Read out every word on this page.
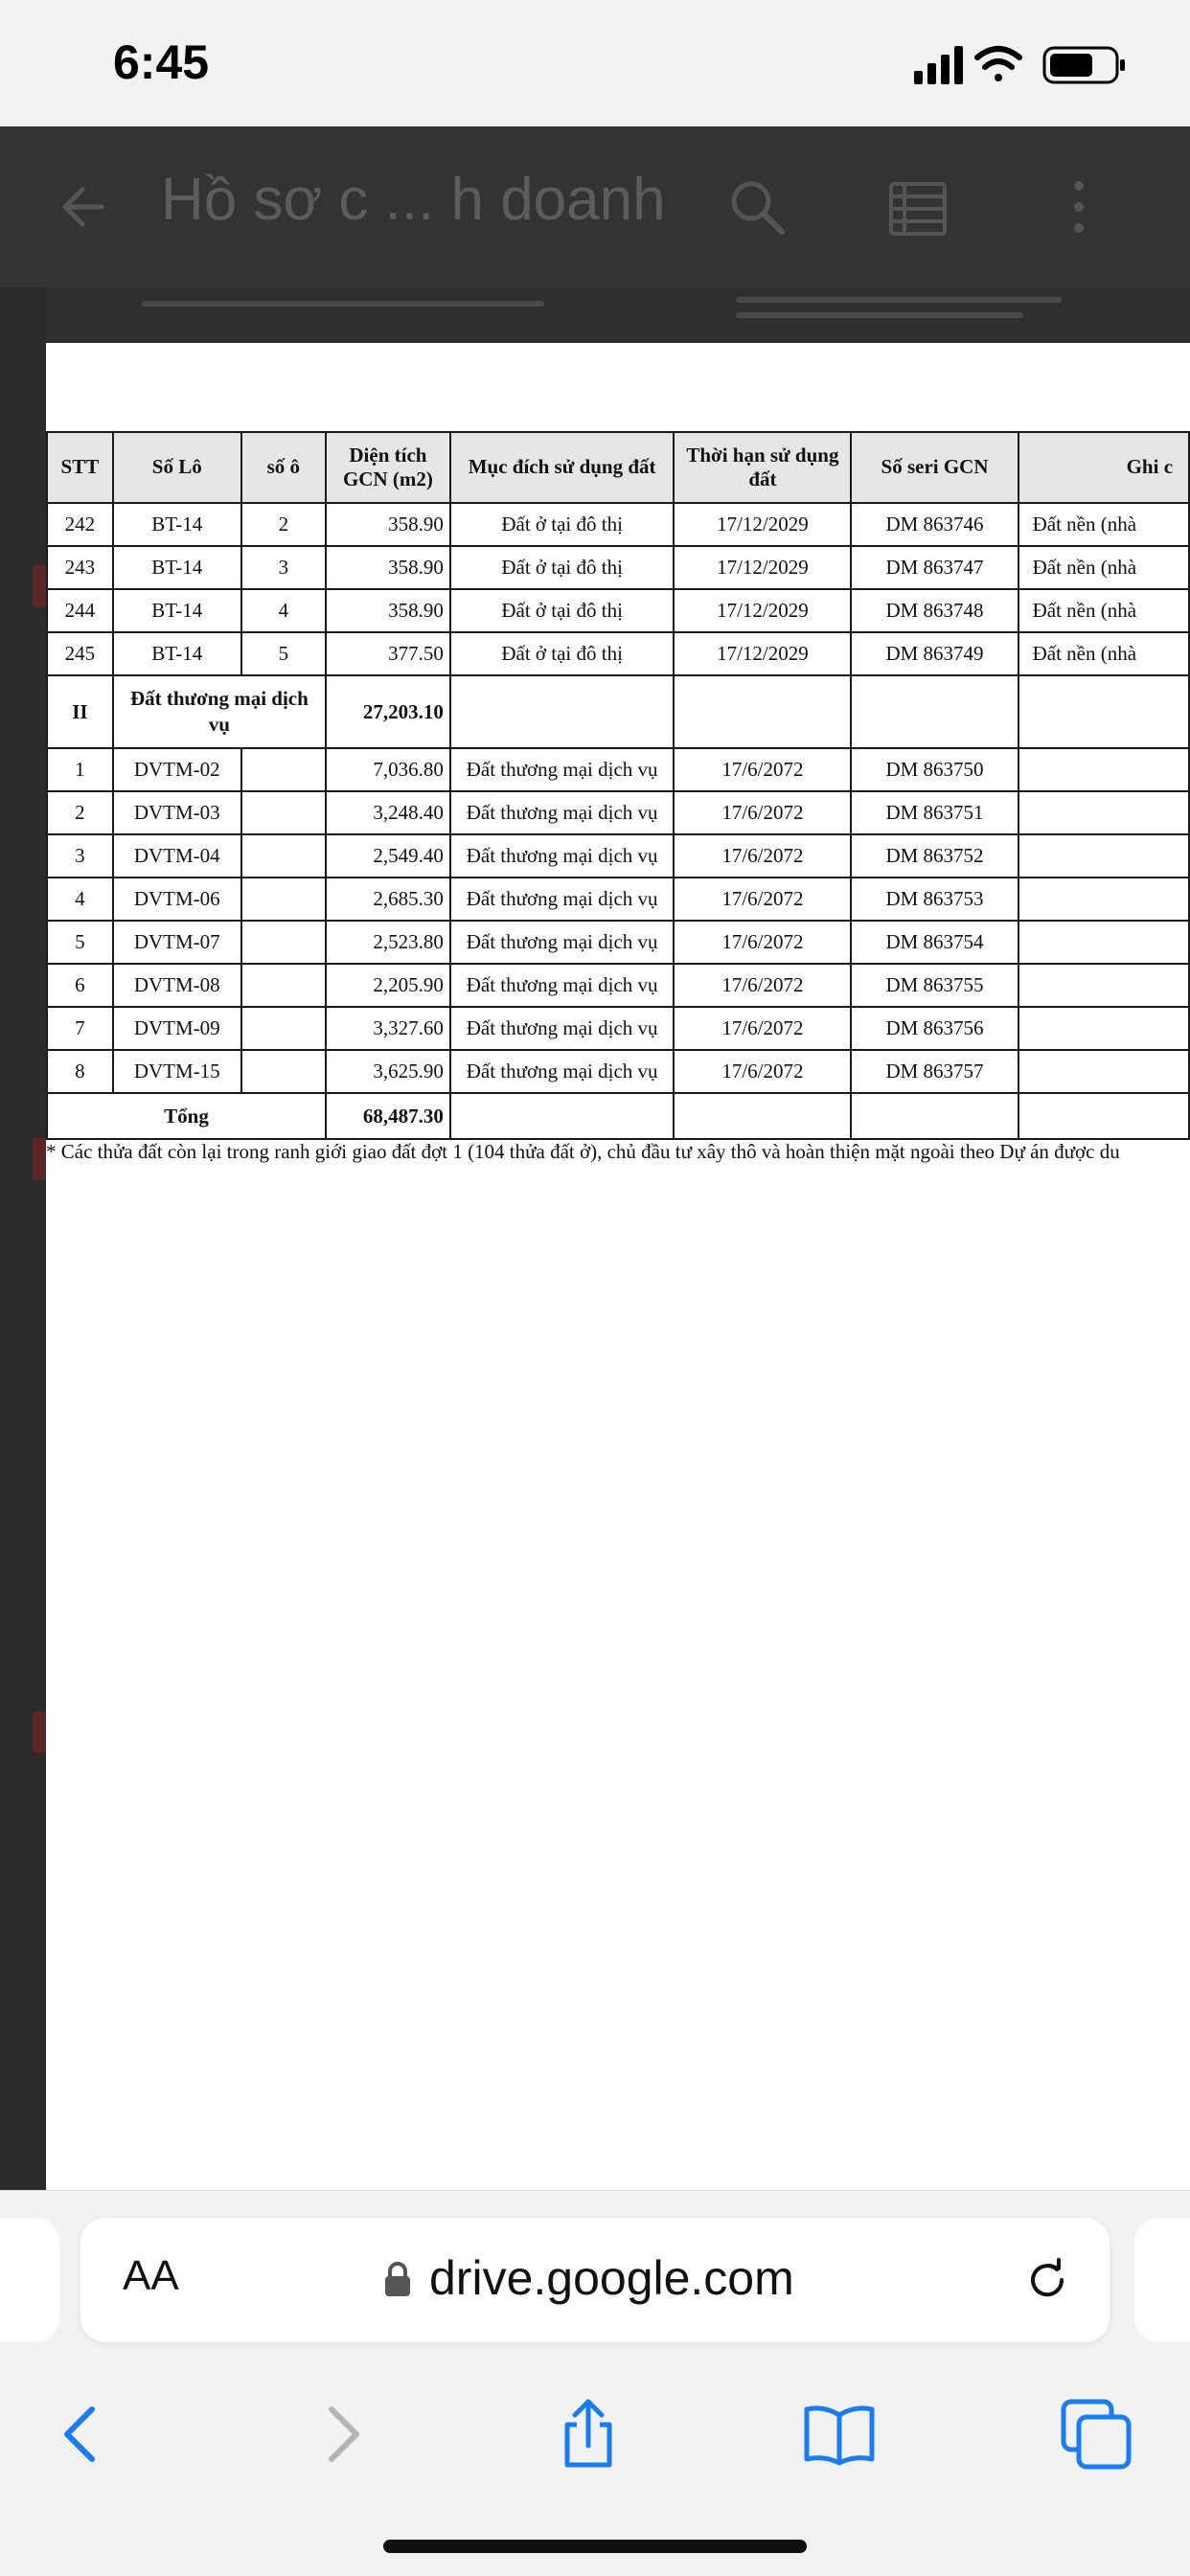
6:45
Hồ sơ c ... h doanh
STT	Số Lô	số ô	Diện tích GCN (m2)	Mục đích sử dụng đất	Thời hạn sử dụng đất	Số seri GCN	Ghi c
242	BT-14	2	358.90	Đất ở tại đô thị	17/12/2029	DM 863746	Đất nền (nhà
243	BT-14	3	358.90	Đất ở tại đô thị	17/12/2029	DM 863747	Đất nền (nhà
244	BT-14	4	358.90	Đất ở tại đô thị	17/12/2029	DM 863748	Đất nền (nhà
245	BT-14	5	377.50	Đất ở tại đô thị	17/12/2029	DM 863749	Đất nền (nhà
II	Đất thương mại dịch vụ		27,203.10				
1	DVTM-02		7,036.80	Đất thương mại dịch vụ	17/6/2072	DM 863750	
2	DVTM-03		3,248.40	Đất thương mại dịch vụ	17/6/2072	DM 863751	
3	DVTM-04		2,549.40	Đất thương mại dịch vụ	17/6/2072	DM 863752	
4	DVTM-06		2,685.30	Đất thương mại dịch vụ	17/6/2072	DM 863753	
5	DVTM-07		2,523.80	Đất thương mại dịch vụ	17/6/2072	DM 863754	
6	DVTM-08		2,205.90	Đất thương mại dịch vụ	17/6/2072	DM 863755	
7	DVTM-09		3,327.60	Đất thương mại dịch vụ	17/6/2072	DM 863756	
8	DVTM-15		3,625.90	Đất thương mại dịch vụ	17/6/2072	DM 863757	
Tổng			68,487.30				
* Các thửa đất còn lại trong ranh giới giao đất đợt 1 (104 thửa đất ở), chủ đầu tư xây thô và hoàn thiện mặt ngoài theo Dự án được du
AA	drive.google.com
